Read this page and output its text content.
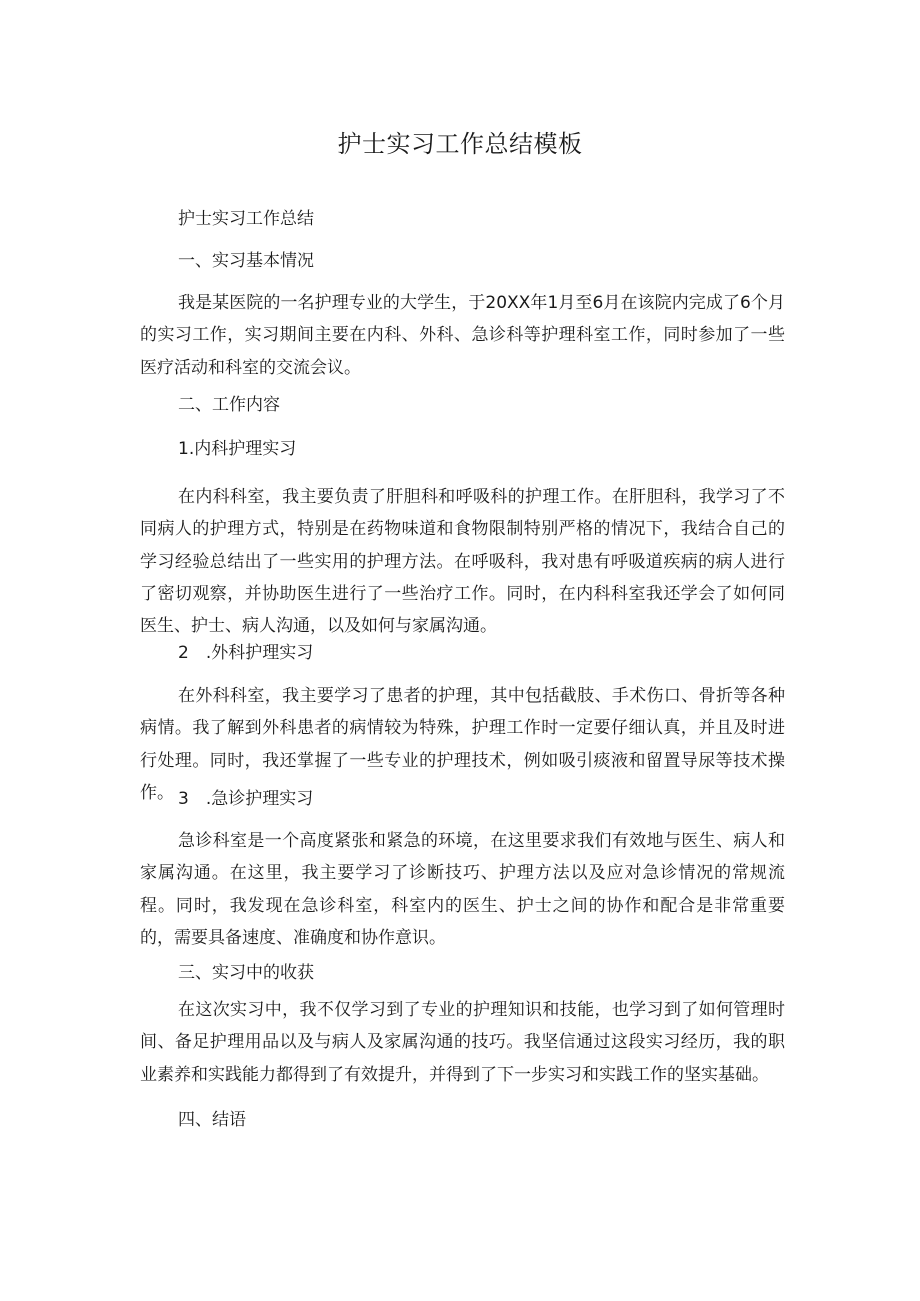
护士实习工作总结模板
护士实习工作总结
一、实习基本情况

我是某医院的一名护理专业的大学生，于20XX年1月至6月在该院内完成了6个月的实习工作，实习期间主要在内科、外科、急诊科等护理科室工作，同时参加了一些医疗活动和科室的交流会议。

二、工作内容
1.内科护理实习

在内科科室，我主要负责了肝胆科和呼吸科的护理工作。在肝胆科，我学习了不同病人的护理方式，特别是在药物味道和食物限制特别严格的情况下，我结合自己的学习经验总结出了一些实用的护理方法。在呼吸科，我对患有呼吸道疾病的病人进行了密切观察，并协助医生进行了一些治疗工作。同时，在内科科室我还学会了如何同医生、护士、病人沟通，以及如何与家属沟通。

2　.外科护理实习

在外科科室，我主要学习了患者的护理，其中包括截肢、手术伤口、骨折等各种病情。我了解到外科患者的病情较为特殊，护理工作时一定要仔细认真，并且及时进行处理。同时，我还掌握了一些专业的护理技术，例如吸引痰液和留置导尿等技术操作。 3　.急诊护理实习

急诊科室是一个高度紧张和紧急的环境，在这里要求我们有效地与医生、病人和家属沟通。在这里，我主要学习了诊断技巧、护理方法以及应对急诊情况的常规流程。同时，我发现在急诊科室，科室内的医生、护士之间的协作和配合是非常重要的，需要具备速度、准确度和协作意识。

三、实习中的收获

在这次实习中，我不仅学习到了专业的护理知识和技能，也学习到了如何管理时间、备足护理用品以及与病人及家属沟通的技巧。我坚信通过这段实习经历，我的职业素养和实践能力都得到了有效提升，并得到了下一步实习和实践工作的坚实基础。

四、结语
